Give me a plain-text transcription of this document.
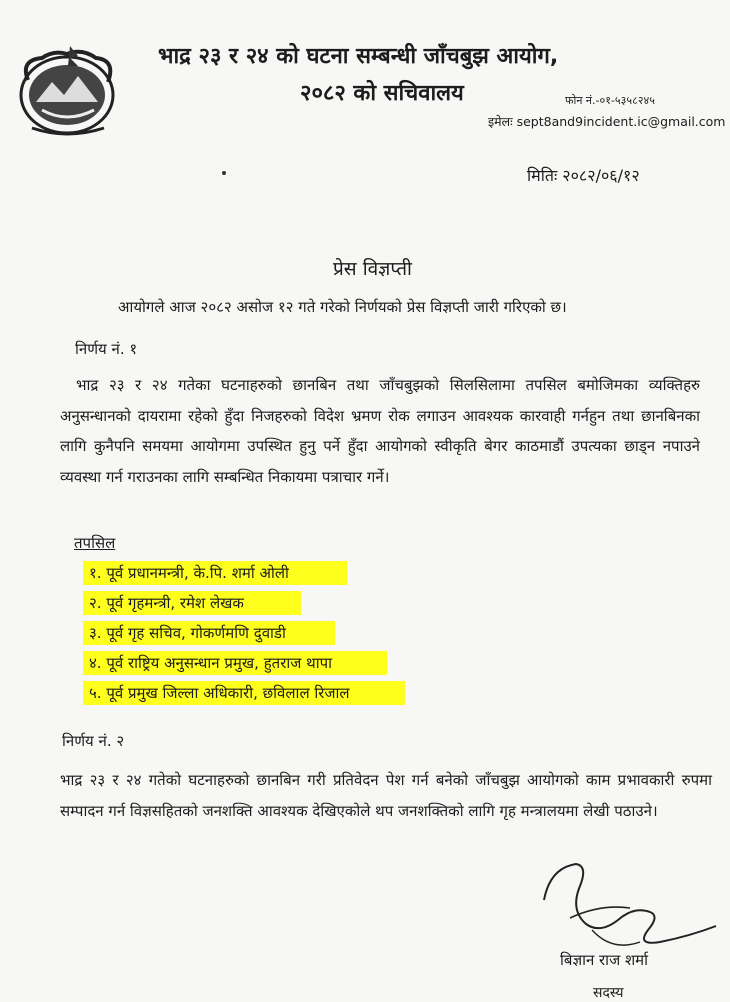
भाद्र २३ र २४ को घटना सम्बन्धी जाँचबुझ आयोग,
२०८२ को सचिवालय	फोन नं.-०१-५३५८२४५
इमेलः sept8and9incident.ic@gmail.com
मितिः २०८२/०६/१२
प्रेस विज्ञप्ती
आयोगले आज २०८२ असोज १२ गते गरेको निर्णयको प्रेस विज्ञप्ती जारी गरिएको छ।
निर्णय नं. १
भाद्र २३ र २४ गतेका घटनाहरुको छानबिन तथा जाँचबुझको सिलसिलामा तपसिल बमोजिमका व्यक्तिहरु अनुसन्धानको दायरामा रहेको हुँदा निजहरुको विदेश भ्रमण रोक लगाउन आवश्यक कारवाही गर्नहुन तथा छानबिनका लागि कुनैपनि समयमा आयोगमा उपस्थित हुनु पर्ने हुँदा आयोगको स्वीकृति बेगर काठमाडौं उपत्यका छाड्न नपाउने व्यवस्था गर्न गराउनका लागि सम्बन्धित निकायमा पत्राचार गर्ने।
तपसिल
१. पूर्व प्रधानमन्त्री, के.पि. शर्मा ओली
२. पूर्व गृहमन्त्री, रमेश लेखक
३. पूर्व गृह सचिव, गोकर्णमणि दुवाडी
४. पूर्व राष्ट्रिय अनुसन्धान प्रमुख, हुतराज थापा
५. पूर्व प्रमुख जिल्ला अधिकारी, छविलाल रिजाल
निर्णय नं. २
भाद्र २३ र २४ गतेको घटनाहरुको छानबिन गरी प्रतिवेदन पेश गर्न बनेको जाँचबुझ आयोगको काम प्रभावकारी रुपमा सम्पादन गर्न विज्ञसहितको जनशक्ति आवश्यक देखिएकोले थप जनशक्तिको लागि गृह मन्त्रालयमा लेखी पठाउने।
बिज्ञान राज शर्मा
सदस्य
